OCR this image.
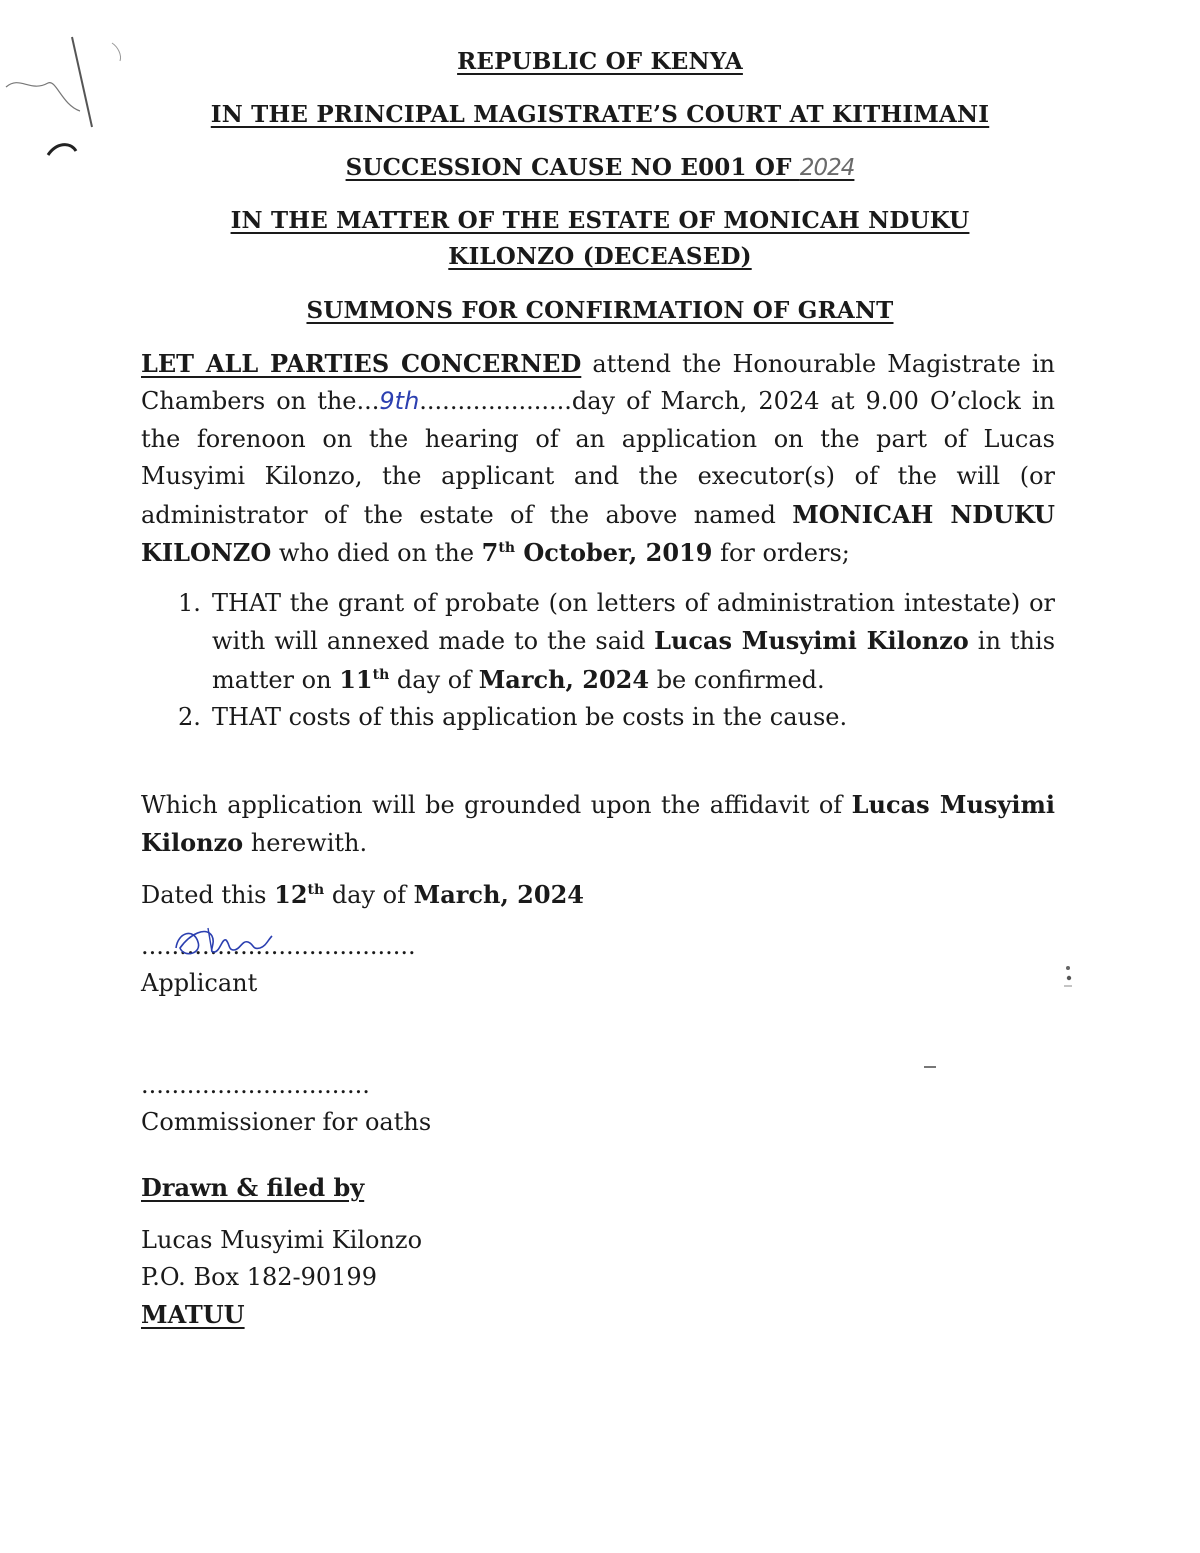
REPUBLIC OF KENYA
IN THE PRINCIPAL MAGISTRATE’S COURT AT KITHIMANI
SUCCESSION CAUSE NO E001 OF 2024
IN THE MATTER OF THE ESTATE OF MONICAH NDUKU
KILONZO (DECEASED)
SUMMONS FOR CONFIRMATION OF GRANT
LET ALL PARTIES CONCERNED attend the Honourable Magistrate in Chambers on the...9th....................day of March, 2024 at 9.00 O’clock in the forenoon on the hearing of an application on the part of Lucas Musyimi Kilonzo, the applicant and the executor(s) of the will (or administrator of the estate of the above named MONICAH NDUKU KILONZO who died on the 7th October, 2019 for orders;
1. THAT the grant of probate (on letters of administration intestate) or with will annexed made to the said Lucas Musyimi Kilonzo in this matter on 11th day of March, 2024 be confirmed.
2. THAT costs of this application be costs in the cause.
Which application will be grounded upon the affidavit of Lucas Musyimi Kilonzo herewith.
Dated this 12th day of March, 2024
....................................
Applicant
..............................
Commissioner for oaths
Drawn & filed by
Lucas Musyimi Kilonzo
P.O. Box 182-90199
MATUU
